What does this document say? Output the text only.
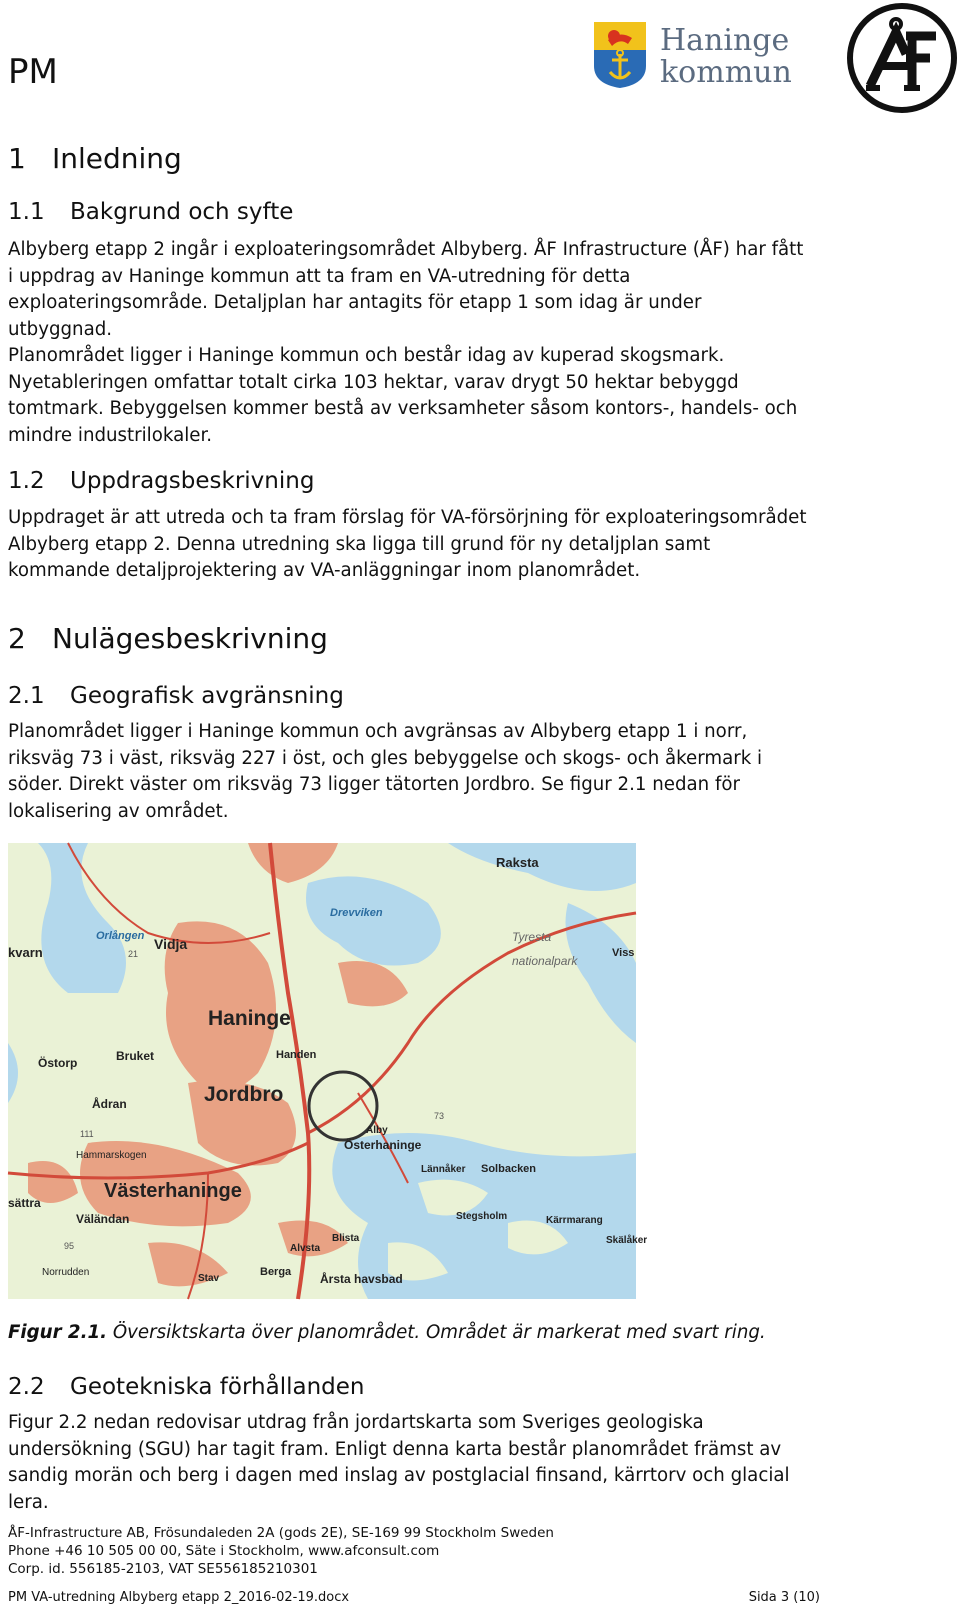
PM
Haninge
kommun
1 Inledning
1.1 Bakgrund och syfte

Albyberg etapp 2 ingår i exploateringsområdet Albyberg. ÅF Infrastructure (ÅF) har fått i uppdrag av Haninge kommun att ta fram en VA-utredning för detta exploateringsområde. Detaljplan har antagits för etapp 1 som idag är under utbyggnad.

Planområdet ligger i Haninge kommun och består idag av kuperad skogsmark. Nyetableringen omfattar totalt cirka 103 hektar, varav drygt 50 hektar bebyggd tomtmark. Bebyggelsen kommer bestå av verksamheter såsom kontors-, handels- och mindre industrilokaler.

1.2 Uppdragsbeskrivning

Uppdraget är att utreda och ta fram förslag för VA-försörjning för exploateringsområdet Albyberg etapp 2. Denna utredning ska ligga till grund för ny detaljplan samt kommande detaljprojektering av VA-anläggningar inom planområdet.

2 Nulägesbeskrivning
2.1 Geografisk avgränsning

Planområdet ligger i Haninge kommun och avgränsas av Albyberg etapp 1 i norr, riksväg 73 i väst, riksväg 227 i öst, och gles bebyggelse och skogs- och åkermark i söder. Direkt väster om riksväg 73 ligger tätorten Jordbro. Se figur 2.1 nedan för lokalisering av området.

Raksta
Drevviken
Orlången Vidja
kvarn
Tyresta
nationalpark
Viss
Haninge
Handen
Östorp	Bruket
Jordbro
Ådran
Alby
Österhaninge
Hammarskogen
Lännåker Solbacken
sättra
Västerhaninge
Väländan	Stegsholm	Kärrmarang
Skälåker
Blista
Alvsta
Norrudden
Stav
Berga Årsta havsbad
21
73
95
111
Figur 2.1. Översiktskarta över planområdet. Området är markerat med svart ring.
2.2 Geotekniska förhållanden

Figur 2.2 nedan redovisar utdrag från jordartskarta som Sveriges geologiska undersökning (SGU) har tagit fram. Enligt denna karta består planområdet främst av sandig morän och berg i dagen med inslag av postglacial finsand, kärrtorv och glacial lera.

ÅF-Infrastructure AB, Frösundaleden 2A (gods 2E), SE-169 99 Stockholm Sweden
Phone +46 10 505 00 00, Säte i Stockholm, www.afconsult.com
Corp. id. 556185-2103, VAT SE556185210301
PM VA-utredning Albyberg etapp 2_2016-02-19.docx	Sida 3 (10)
